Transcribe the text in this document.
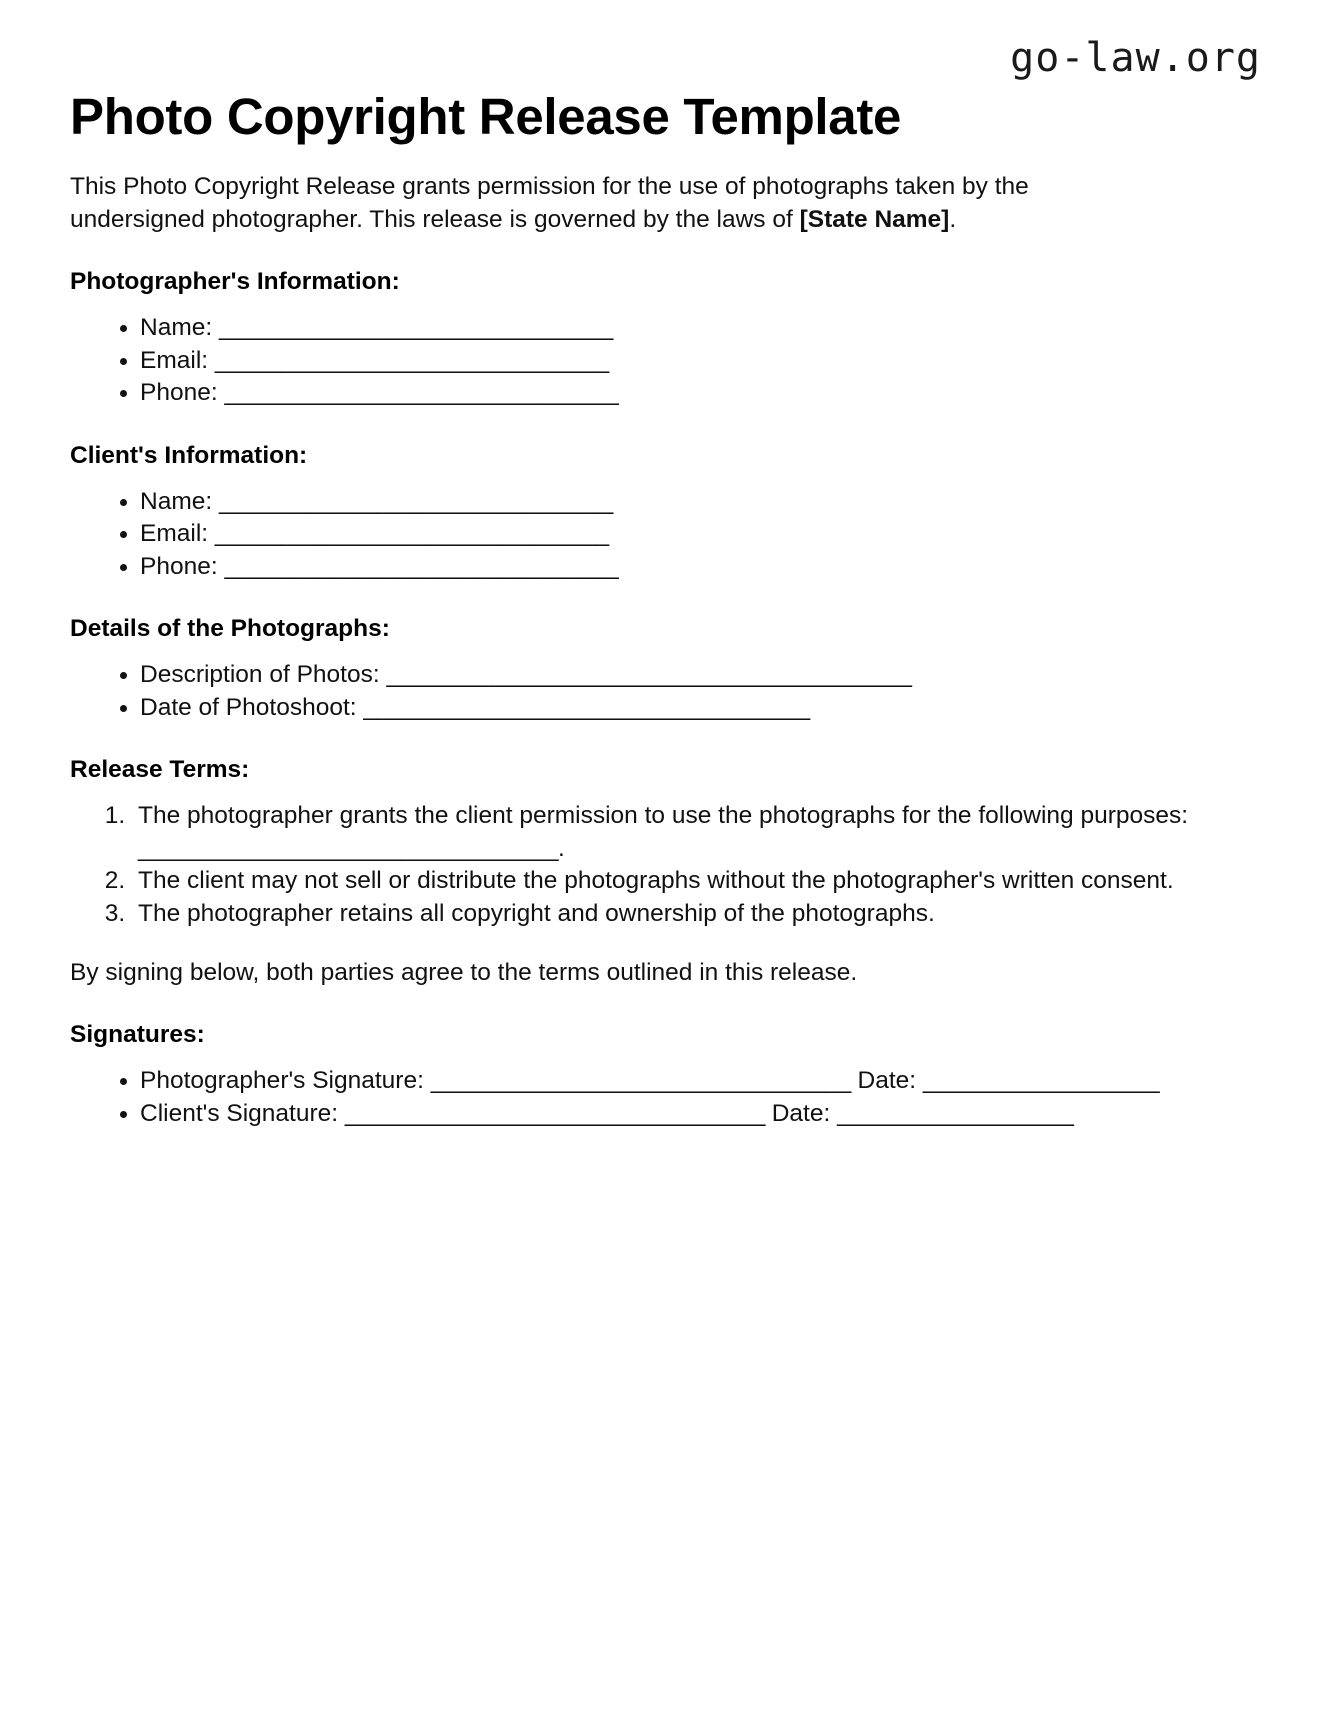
go-law.org
Photo Copyright Release Template

This Photo Copyright Release grants permission for the use of photographs taken by the undersigned photographer. This release is governed by the laws of [State Name].

Photographer's Information:
• Name: ______________________________
• Email: ______________________________
• Phone: ______________________________
Client's Information:
• Name: ______________________________
• Email: ______________________________
• Phone: ______________________________
Details of the Photographs:
• Description of Photos: ________________________________________
• Date of Photoshoot: __________________________________
Release Terms:
1. The photographer grants the client permission to use the photographs for the following purposes: ________________________________.
2. The client may not sell or distribute the photographs without the photographer's written consent.
3. The photographer retains all copyright and ownership of the photographs.

By signing below, both parties agree to the terms outlined in this release.

Signatures:
• Photographer's Signature: ________________________________ Date: __________________
• Client's Signature: ________________________________ Date: __________________
